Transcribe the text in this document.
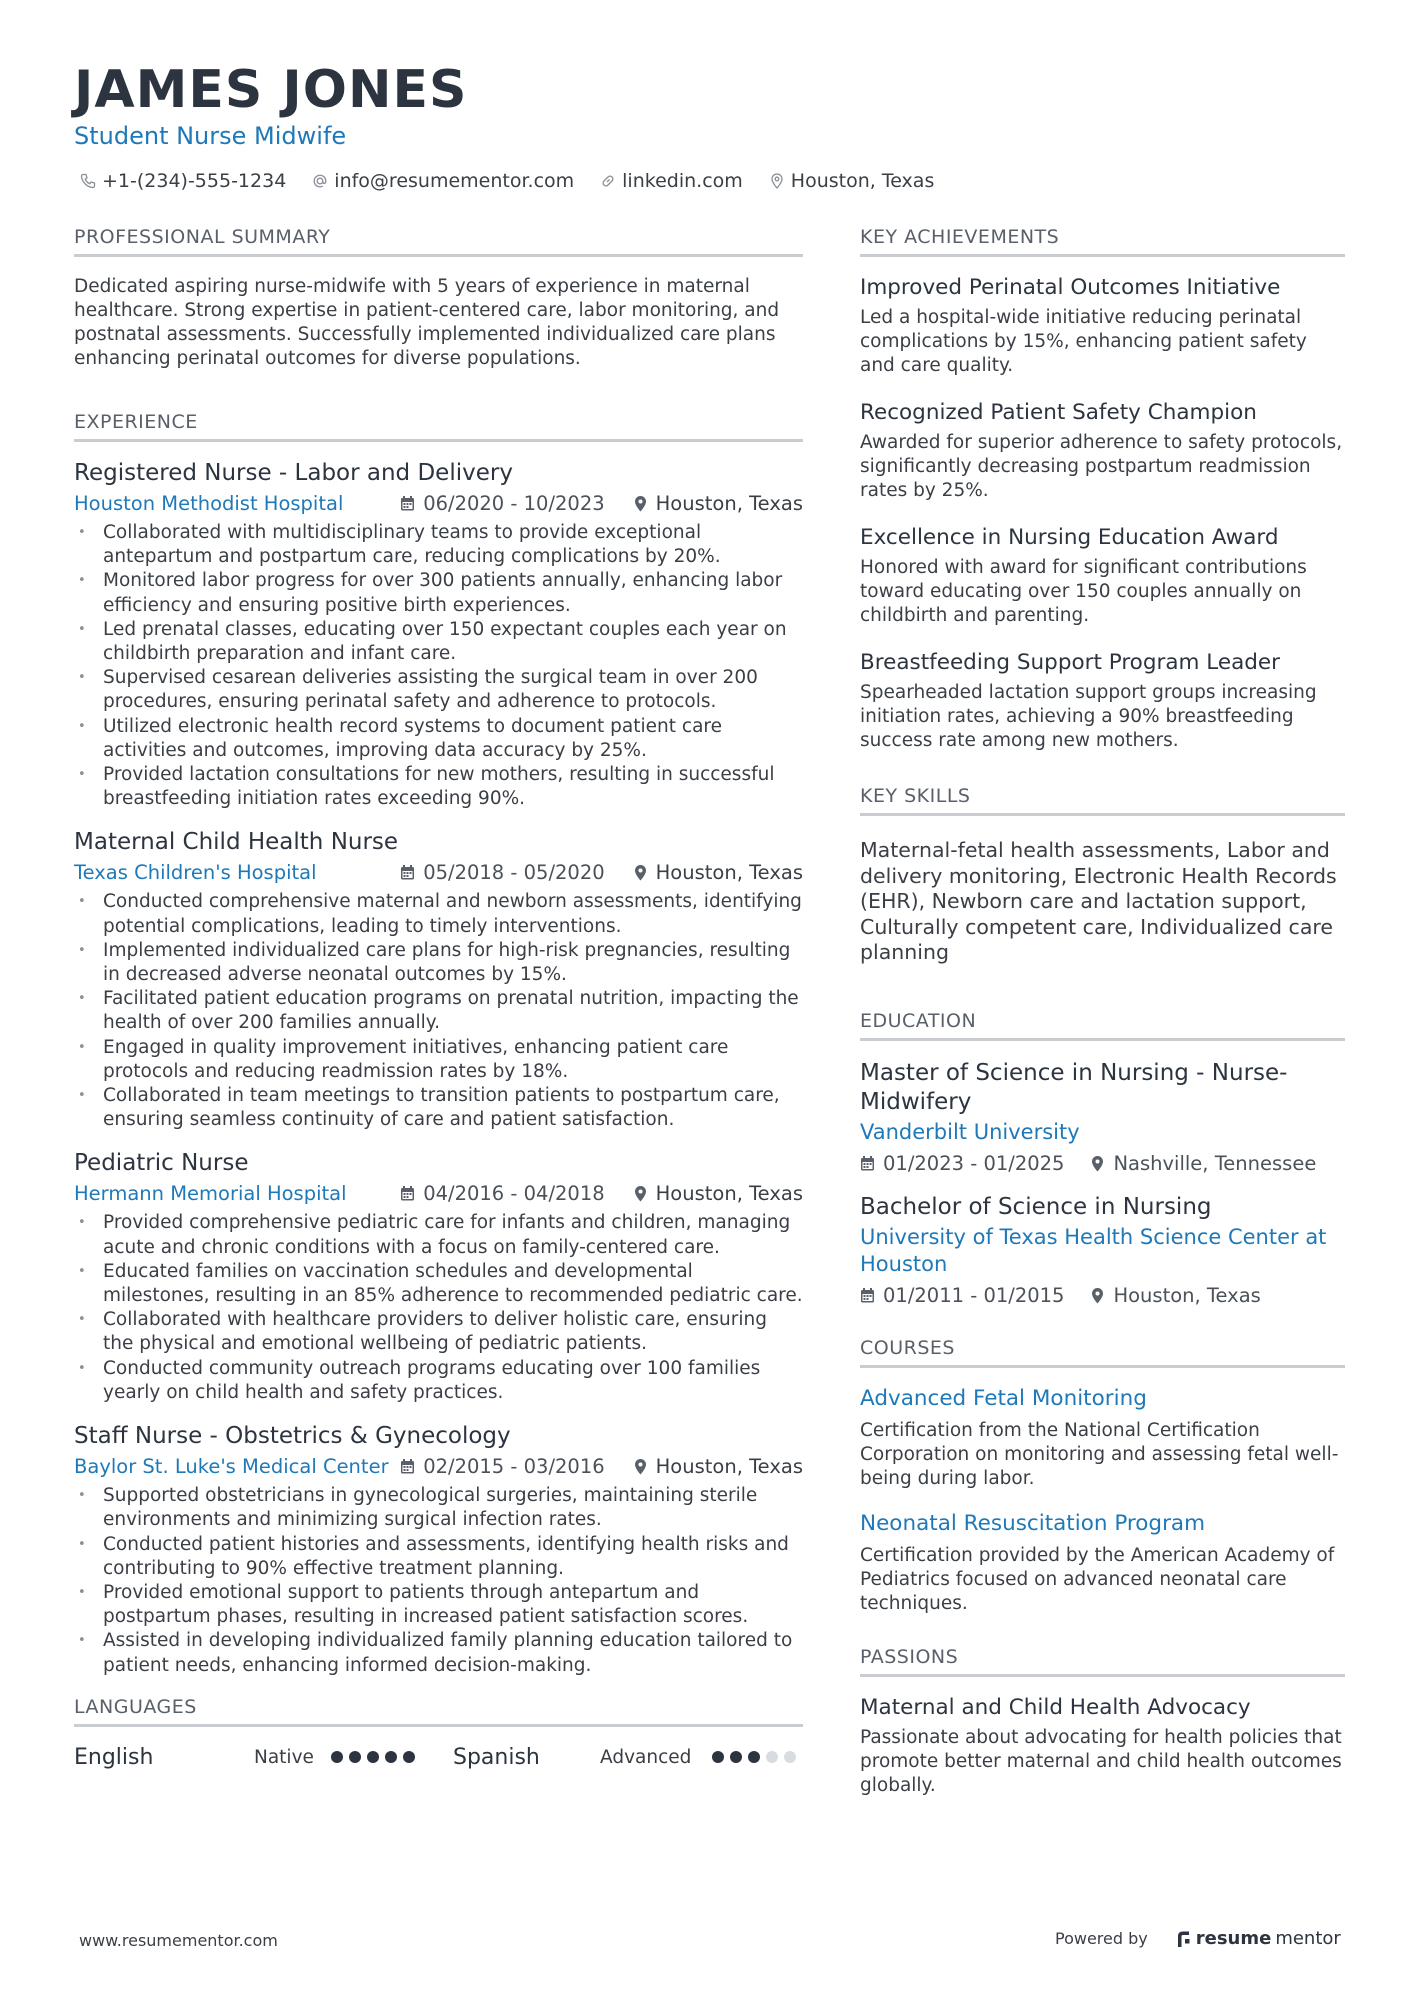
JAMES JONES
Student Nurse Midwife
+1-(234)-555-1234	info@resumementor.com	linkedin.com	Houston, Texas
PROFESSIONAL SUMMARY
Dedicated aspiring nurse-midwife with 5 years of experience in maternal healthcare. Strong expertise in patient-centered care, labor monitoring, and postnatal assessments. Successfully implemented individualized care plans enhancing perinatal outcomes for diverse populations.
EXPERIENCE
Registered Nurse - Labor and Delivery
Houston Methodist Hospital	06/2020 - 10/2023	Houston, Texas
• Collaborated with multidisciplinary teams to provide exceptional antepartum and postpartum care, reducing complications by 20%.
• Monitored labor progress for over 300 patients annually, enhancing labor efficiency and ensuring positive birth experiences.
• Led prenatal classes, educating over 150 expectant couples each year on childbirth preparation and infant care.
• Supervised cesarean deliveries assisting the surgical team in over 200 procedures, ensuring perinatal safety and adherence to protocols.
• Utilized electronic health record systems to document patient care activities and outcomes, improving data accuracy by 25%.
• Provided lactation consultations for new mothers, resulting in successful breastfeeding initiation rates exceeding 90%.
Maternal Child Health Nurse
Texas Children's Hospital	05/2018 - 05/2020	Houston, Texas
• Conducted comprehensive maternal and newborn assessments, identifying potential complications, leading to timely interventions.
• Implemented individualized care plans for high-risk pregnancies, resulting in decreased adverse neonatal outcomes by 15%.
• Facilitated patient education programs on prenatal nutrition, impacting the health of over 200 families annually.
• Engaged in quality improvement initiatives, enhancing patient care protocols and reducing readmission rates by 18%.
• Collaborated in team meetings to transition patients to postpartum care, ensuring seamless continuity of care and patient satisfaction.
Pediatric Nurse
Hermann Memorial Hospital	04/2016 - 04/2018	Houston, Texas
• Provided comprehensive pediatric care for infants and children, managing acute and chronic conditions with a focus on family-centered care.
• Educated families on vaccination schedules and developmental milestones, resulting in an 85% adherence to recommended pediatric care.
• Collaborated with healthcare providers to deliver holistic care, ensuring the physical and emotional wellbeing of pediatric patients.
• Conducted community outreach programs educating over 100 families yearly on child health and safety practices.
Staff Nurse - Obstetrics & Gynecology
Baylor St. Luke's Medical Center	02/2015 - 03/2016	Houston, Texas
• Supported obstetricians in gynecological surgeries, maintaining sterile environments and minimizing surgical infection rates.
• Conducted patient histories and assessments, identifying health risks and contributing to 90% effective treatment planning.
• Provided emotional support to patients through antepartum and postpartum phases, resulting in increased patient satisfaction scores.
• Assisted in developing individualized family planning education tailored to patient needs, enhancing informed decision-making.
LANGUAGES
English	Native	Spanish	Advanced
KEY ACHIEVEMENTS
Improved Perinatal Outcomes Initiative
Led a hospital-wide initiative reducing perinatal complications by 15%, enhancing patient safety and care quality.
Recognized Patient Safety Champion
Awarded for superior adherence to safety protocols, significantly decreasing postpartum readmission rates by 25%.
Excellence in Nursing Education Award
Honored with award for significant contributions toward educating over 150 couples annually on childbirth and parenting.
Breastfeeding Support Program Leader
Spearheaded lactation support groups increasing initiation rates, achieving a 90% breastfeeding success rate among new mothers.
KEY SKILLS
Maternal-fetal health assessments, Labor and delivery monitoring, Electronic Health Records (EHR), Newborn care and lactation support, Culturally competent care, Individualized care planning
EDUCATION
Master of Science in Nursing - Nurse-Midwifery
Vanderbilt University
01/2023 - 01/2025	Nashville, Tennessee
Bachelor of Science in Nursing
University of Texas Health Science Center at Houston
01/2011 - 01/2015	Houston, Texas
COURSES
Advanced Fetal Monitoring
Certification from the National Certification Corporation on monitoring and assessing fetal well-being during labor.
Neonatal Resuscitation Program
Certification provided by the American Academy of Pediatrics focused on advanced neonatal care techniques.
PASSIONS
Maternal and Child Health Advocacy
Passionate about advocating for health policies that promote better maternal and child health outcomes globally.
www.resumementor.com	Powered by	resume mentor
